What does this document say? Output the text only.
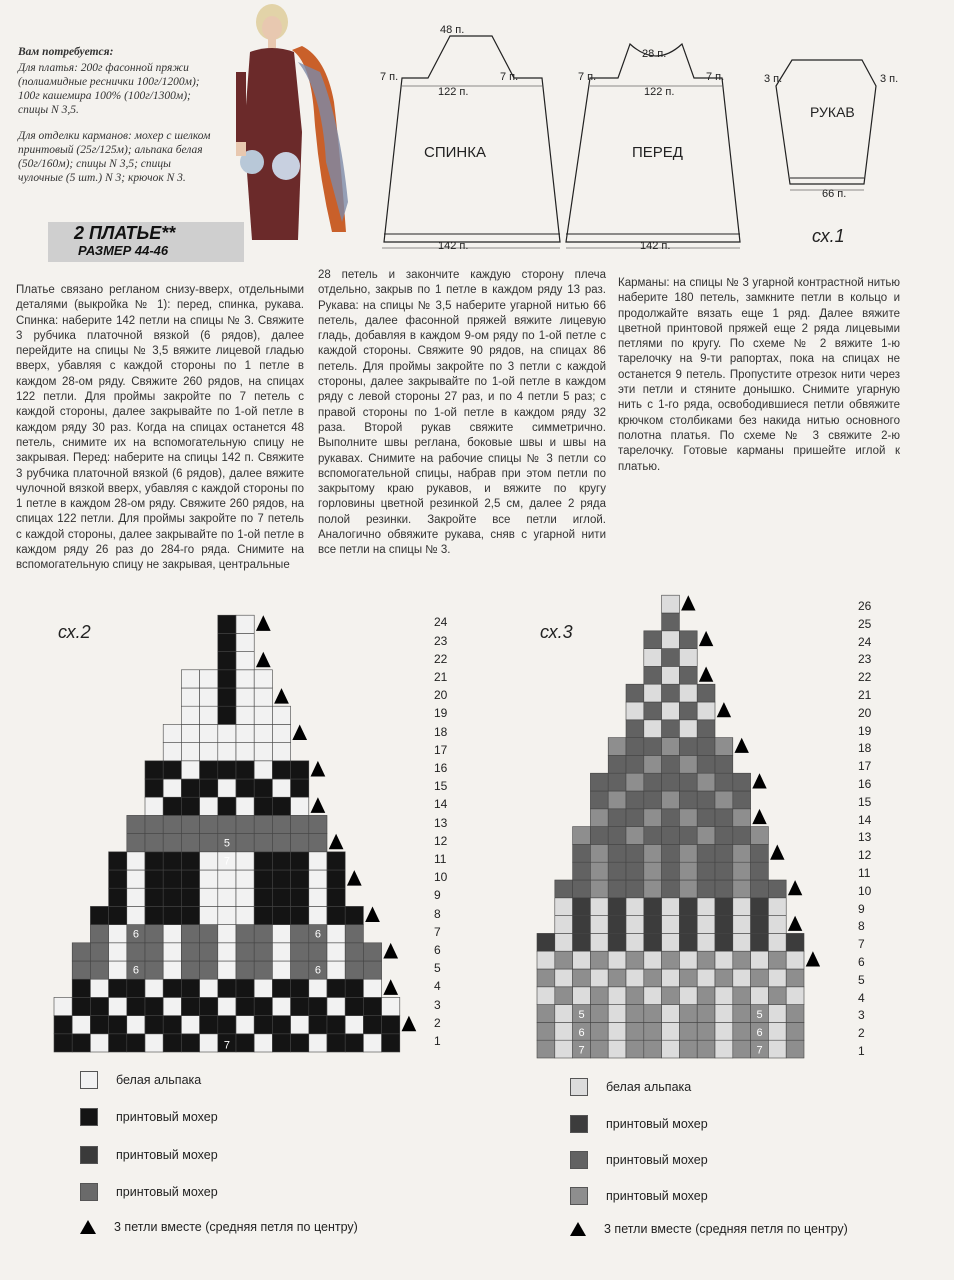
Вам потребуется:

Для платья: 200г фасонной пряжи (полиамидные реснички 100г/1200м); 100г кашемира 100% (100г/1300м); спицы N 3,5.

Для отделки карманов: мохер с шелком принтовый (25г/125м); альпака белая (50г/160м); спицы N 3,5; спицы чулочные (5 шт.) N 3; крючок N 3.

2 ПЛАТЬЕ**
РАЗМЕР 44-46
48 п.
7 п.	7 п.
122 п.
СПИНКА
142 п.
28 п.
7 п.	7 п.
122 п.
ПЕРЕД
142 п.
3 п.	3 п.
РУКАВ
66 п.
сх.1
Платье связано регланом снизу-вверх, отдельными деталями (выкройка № 1): перед, спинка, рукава. Спинка: наберите 142 петли на спицы № 3. Свяжите 3 рубчика платочной вязкой (6 рядов), далее перейдите на спицы № 3,5 вяжите лицевой гладью вверх, убавляя с каждой стороны по 1 петле в каждом 28-ом ряду. Свяжите 260 рядов, на спицах 122 петли. Для проймы закройте по 7 петель с каждой стороны, далее закрывайте по 1-ой петле в каждом ряду 30 раз. Когда на спицах останется 48 петель, снимите их на вспомогательную спицу не закрывая. Перед: наберите на спицы 142 п. Свяжите 3 рубчика платочной вязкой (6 рядов), далее вяжите чулочной вязкой вверх, убавляя с каждой стороны по 1 петле в каждом 28-ом ряду. Свяжите 260 рядов, на спицах 122 петли. Для проймы закройте по 7 петель с каждой стороны, далее закрывайте по 1-ой петле в каждом ряду 26 раз до 284-го ряда. Снимите на вспомогательную спицу не закрывая, центральные
28 петель и закончите каждую сторону плеча отдельно, закрыв по 1 петле в каждом ряду 13 раз. Рукава: на спицы № 3,5 наберите угарной нитью 66 петель, далее фасонной пряжей вяжите лицевую гладь, добавляя в каждом 9-ом ряду по 1-ой петле с каждой стороны. Свяжите 90 рядов, на спицах 86 петель. Для проймы закройте по 3 петли с каждой стороны, далее закрывайте по 1-ой петле в каждом ряду с левой стороны 27 раз, и по 4 петли 5 раз; с правой стороны по 1-ой петле в каждом ряду 32 раза. Второй рукав свяжите симметрично. Выполните швы реглана, боковые швы и швы на рукавах. Снимите на рабочие спицы № 3 петли со вспомогательной спицы, набрав при этом петли по закрытому краю рукавов, и вяжите по кругу горловины цветной резинкой 2,5 см, далее 2 ряда полой резинки. Закройте все петли иглой. Аналогично обвяжите рукава, сняв с угарной нити все петли на спицы № 3.
Карманы: на спицы № 3 угарной контрастной нитью наберите 180 петель, замкните петли в кольцо и продолжайте вязать еще 1 ряд. Далее вяжите цветной принтовой пряжей еще 2 ряда лицевыми петлями по кругу. По схеме № 2 вяжите 1-ю тарелочку на 9-ти рапортах, пока на спицах не останется 9 петель. Пропустите отрезок нити через эти петли и стяните донышко. Снимите угарную нить с 1-го ряда, освободившиеся петли обвяжите крючком столбиками без накида нитью основного полотна платья. По схеме № 3 свяжите 2-ю тарелочку. Готовые карманы пришейте иглой к платью.
сх.2
7
6	6
6	6
7
5
1
2
3
4
5
6
7
8
9
10
11
12
13
14
15
16
17
18
19
20
21
22
23
24	сх.3
7
6
5
7
6
5
1
2
3
4
5
6
7
8
9
10
11
12
13
14
15
16
17
18
19
20
21
22
23
24
25
26
белая альпака
принтовый мохер
принтовый мохер
принтовый мохер
3 петли вместе (средняя петля по центру)
белая альпака
принтовый мохер
принтовый мохер
принтовый мохер
3 петли вместе (средняя петля по центру)
